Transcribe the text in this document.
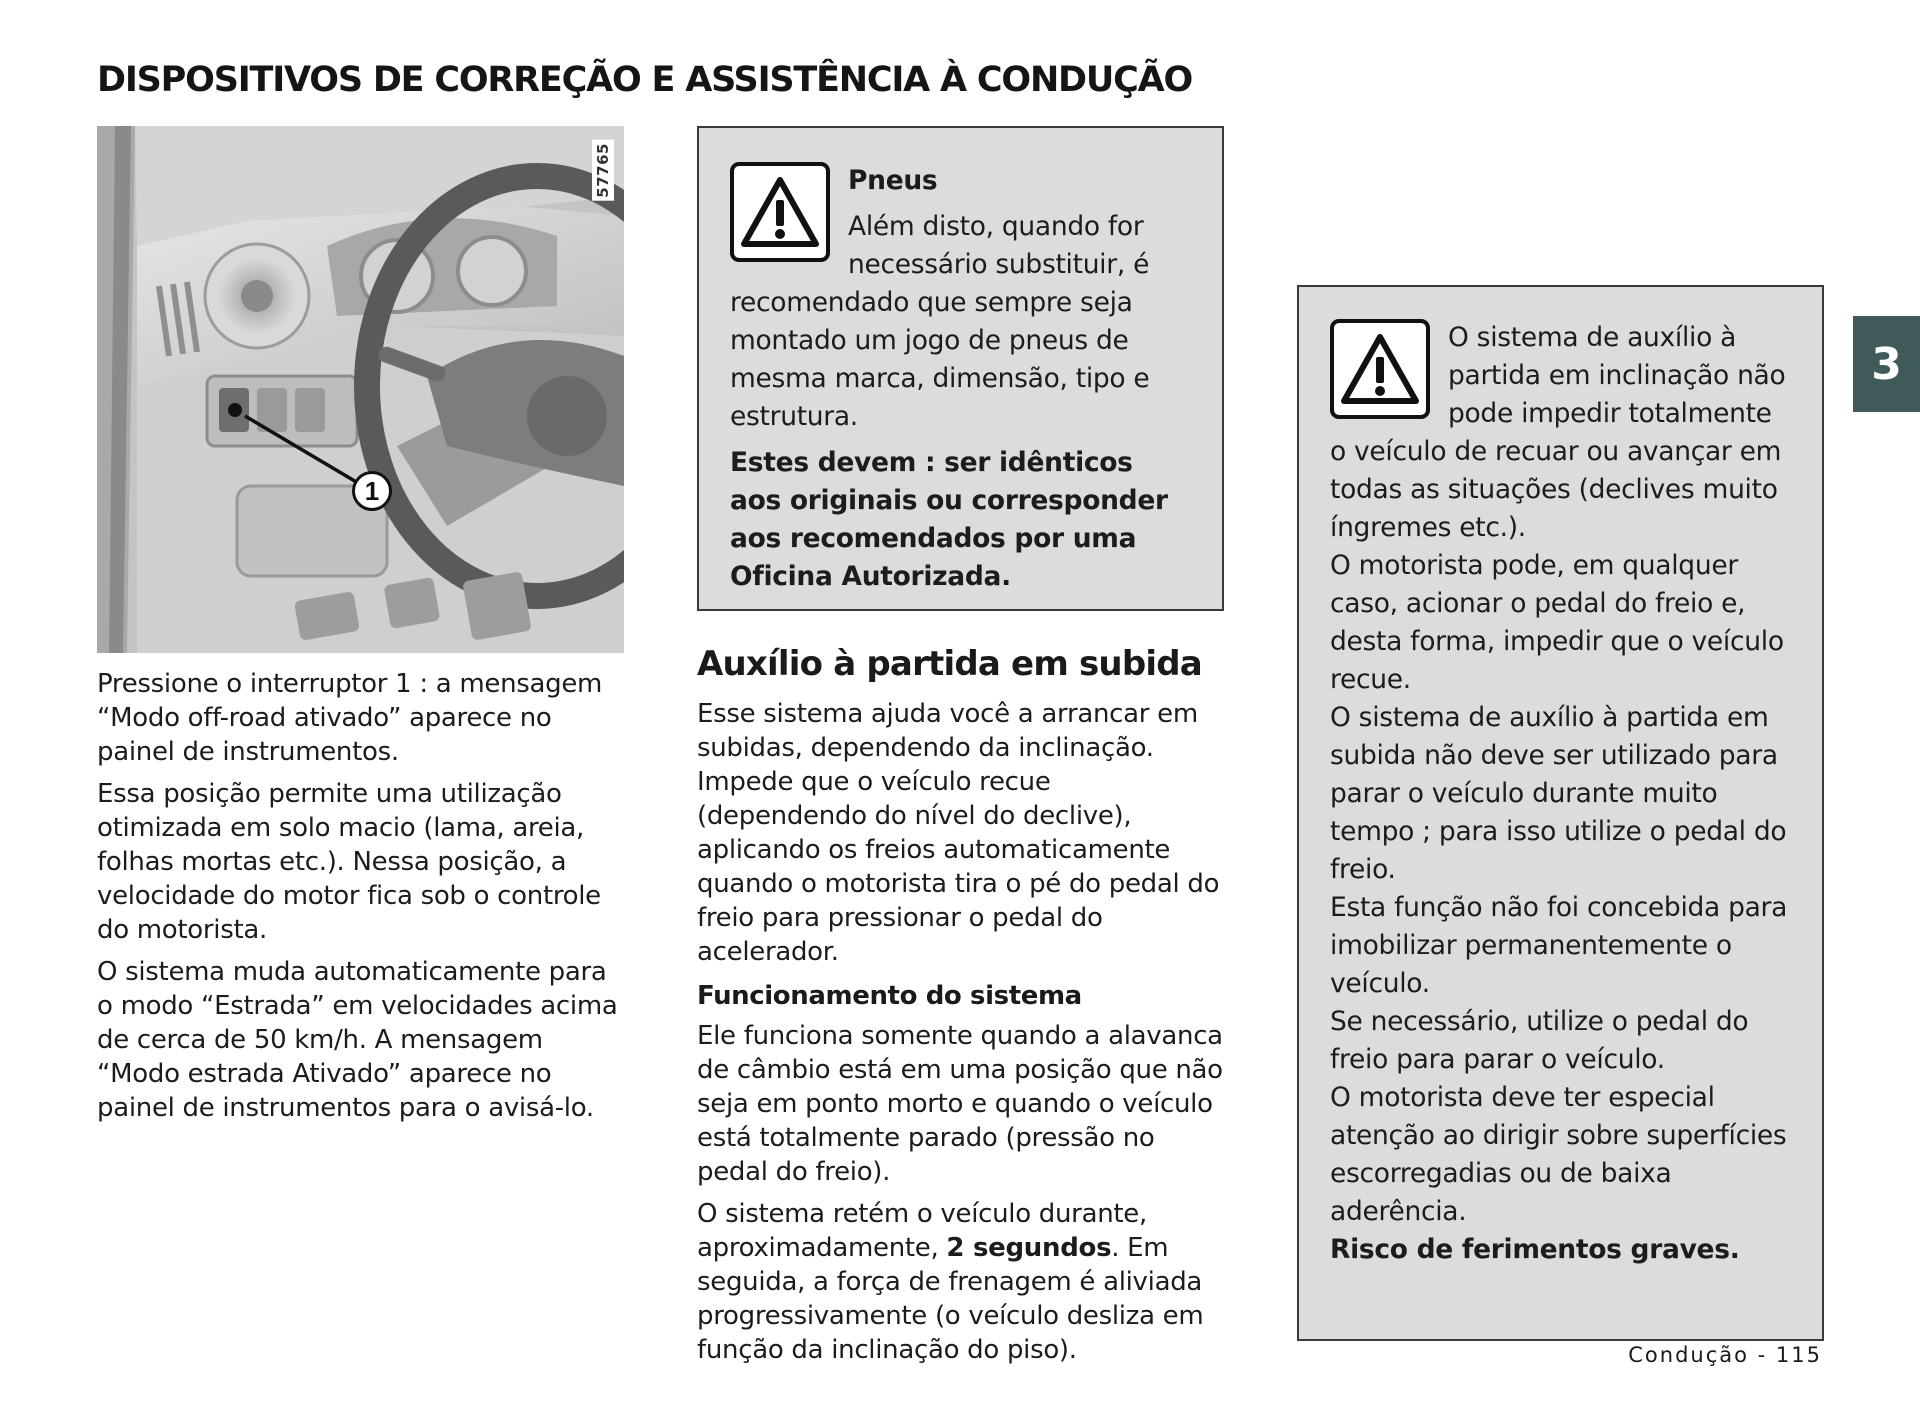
DISPOSITIVOS DE CORREÇÃO E ASSISTÊNCIA À CONDUÇÃO
1
57765

Pressione o interruptor 1 : a mensagem “Modo off-road ativado” aparece no painel de instrumentos.

Essa posição permite uma utilização otimizada em solo macio (lama, areia, folhas mortas etc.). Nessa posição, a velocidade do motor fica sob o controle do motorista.

O sistema muda automaticamente para o modo “Estrada” em velocidades acima de cerca de 50 km/h. A mensagem “Modo estrada Ativado” aparece no painel de instrumentos para o avisá-lo.

Pneus

Além disto, quando for necessário substituir, é recomendado que sempre seja montado um jogo de pneus de mesma marca, dimensão, tipo e estrutura.

Estes devem : ser idênticos aos originais ou corresponder aos recomendados por uma Oficina Autorizada.

Auxílio à partida em subida

Esse sistema ajuda você a arrancar em subidas, dependendo da inclinação. Impede que o veículo recue (dependendo do nível do declive), aplicando os freios automaticamente quando o motorista tira o pé do pedal do freio para pressionar o pedal do acelerador.

Funcionamento do sistema

Ele funciona somente quando a alavanca de câmbio está em uma posição que não seja em ponto morto e quando o veículo está totalmente parado (pressão no pedal do freio).

O sistema retém o veículo durante, aproximadamente, 2 segundos. Em seguida, a força de frenagem é aliviada progressivamente (o veículo desliza em função da inclinação do piso).

O sistema de auxílio à partida em inclinação não pode impedir totalmente o veículo de recuar ou avançar em todas as situações (declives muito íngremes etc.).

O motorista pode, em qualquer caso, acionar o pedal do freio e, desta forma, impedir que o veículo recue.

O sistema de auxílio à partida em subida não deve ser utilizado para parar o veículo durante muito tempo ; para isso utilize o pedal do freio.

Esta função não foi concebida para imobilizar permanentemente o veículo.

Se necessário, utilize o pedal do freio para parar o veículo.

O motorista deve ter especial atenção ao dirigir sobre superfícies escorregadias ou de baixa aderência.

Risco de ferimentos graves.

3
Condução - 115
